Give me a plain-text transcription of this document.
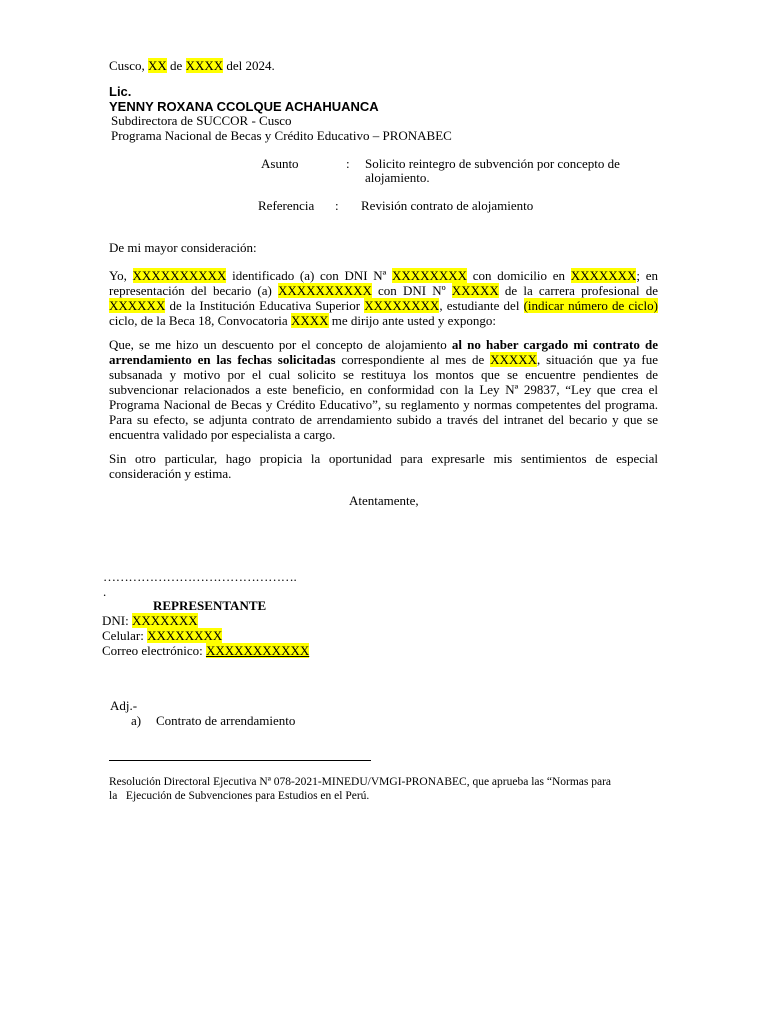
Cusco, XX de XXXX del 2024.
Lic.
YENNY ROXANA CCOLQUE ACHAHUANCA
Subdirectora de SUCCOR - Cusco
Programa Nacional de Becas y Crédito Educativo – PRONABEC
Asunto	: Solicito reintegro de subvención por concepto de
alojamiento.
Referencia : Revisión contrato de alojamiento
De mi mayor consideración:

Yo, XXXXXXXXXX identificado (a) con DNI Nª XXXXXXXX con domicilio en XXXXXXX; en representación del becario (a) XXXXXXXXXX con DNI Nº XXXXX de la carrera profesional de XXXXXX de la Institución Educativa Superior XXXXXXXX, estudiante del (indicar número de ciclo) ciclo, de la Beca 18, Convocatoria XXXX me dirijo ante usted y expongo:

Que, se me hizo un descuento por el concepto de alojamiento al no haber cargado mi contrato de arrendamiento en las fechas solicitadas correspondiente al mes de XXXXX, situación que ya fue subsanada y motivo por el cual solicito se restituya los montos que se encuentre pendientes de subvencionar relacionados a este beneficio, en conformidad con la Ley Nª 29837, “Ley que crea el Programa Nacional de Becas y Crédito Educativo”, su reglamento y normas competentes del programa. Para su efecto, se adjunta contrato de arrendamiento subido a través del intranet del becario y que se encuentra validado por especialista a cargo.

Sin otro particular, hago propicia la oportunidad para expresarle mis sentimientos de especial consideración y estima.

Atentamente,
……………………………………….
.
REPRESENTANTE
DNI: XXXXXXX
Celular: XXXXXXXX
Correo electrónico: XXXXXXXXXXX
Adj.-
a) Contrato de arrendamiento
Resolución Directoral Ejecutiva Nª 078-2021-MINEDU/VMGI-PRONABEC, que aprueba las “Normas para
la   Ejecución de Subvenciones para Estudios en el Perú.
